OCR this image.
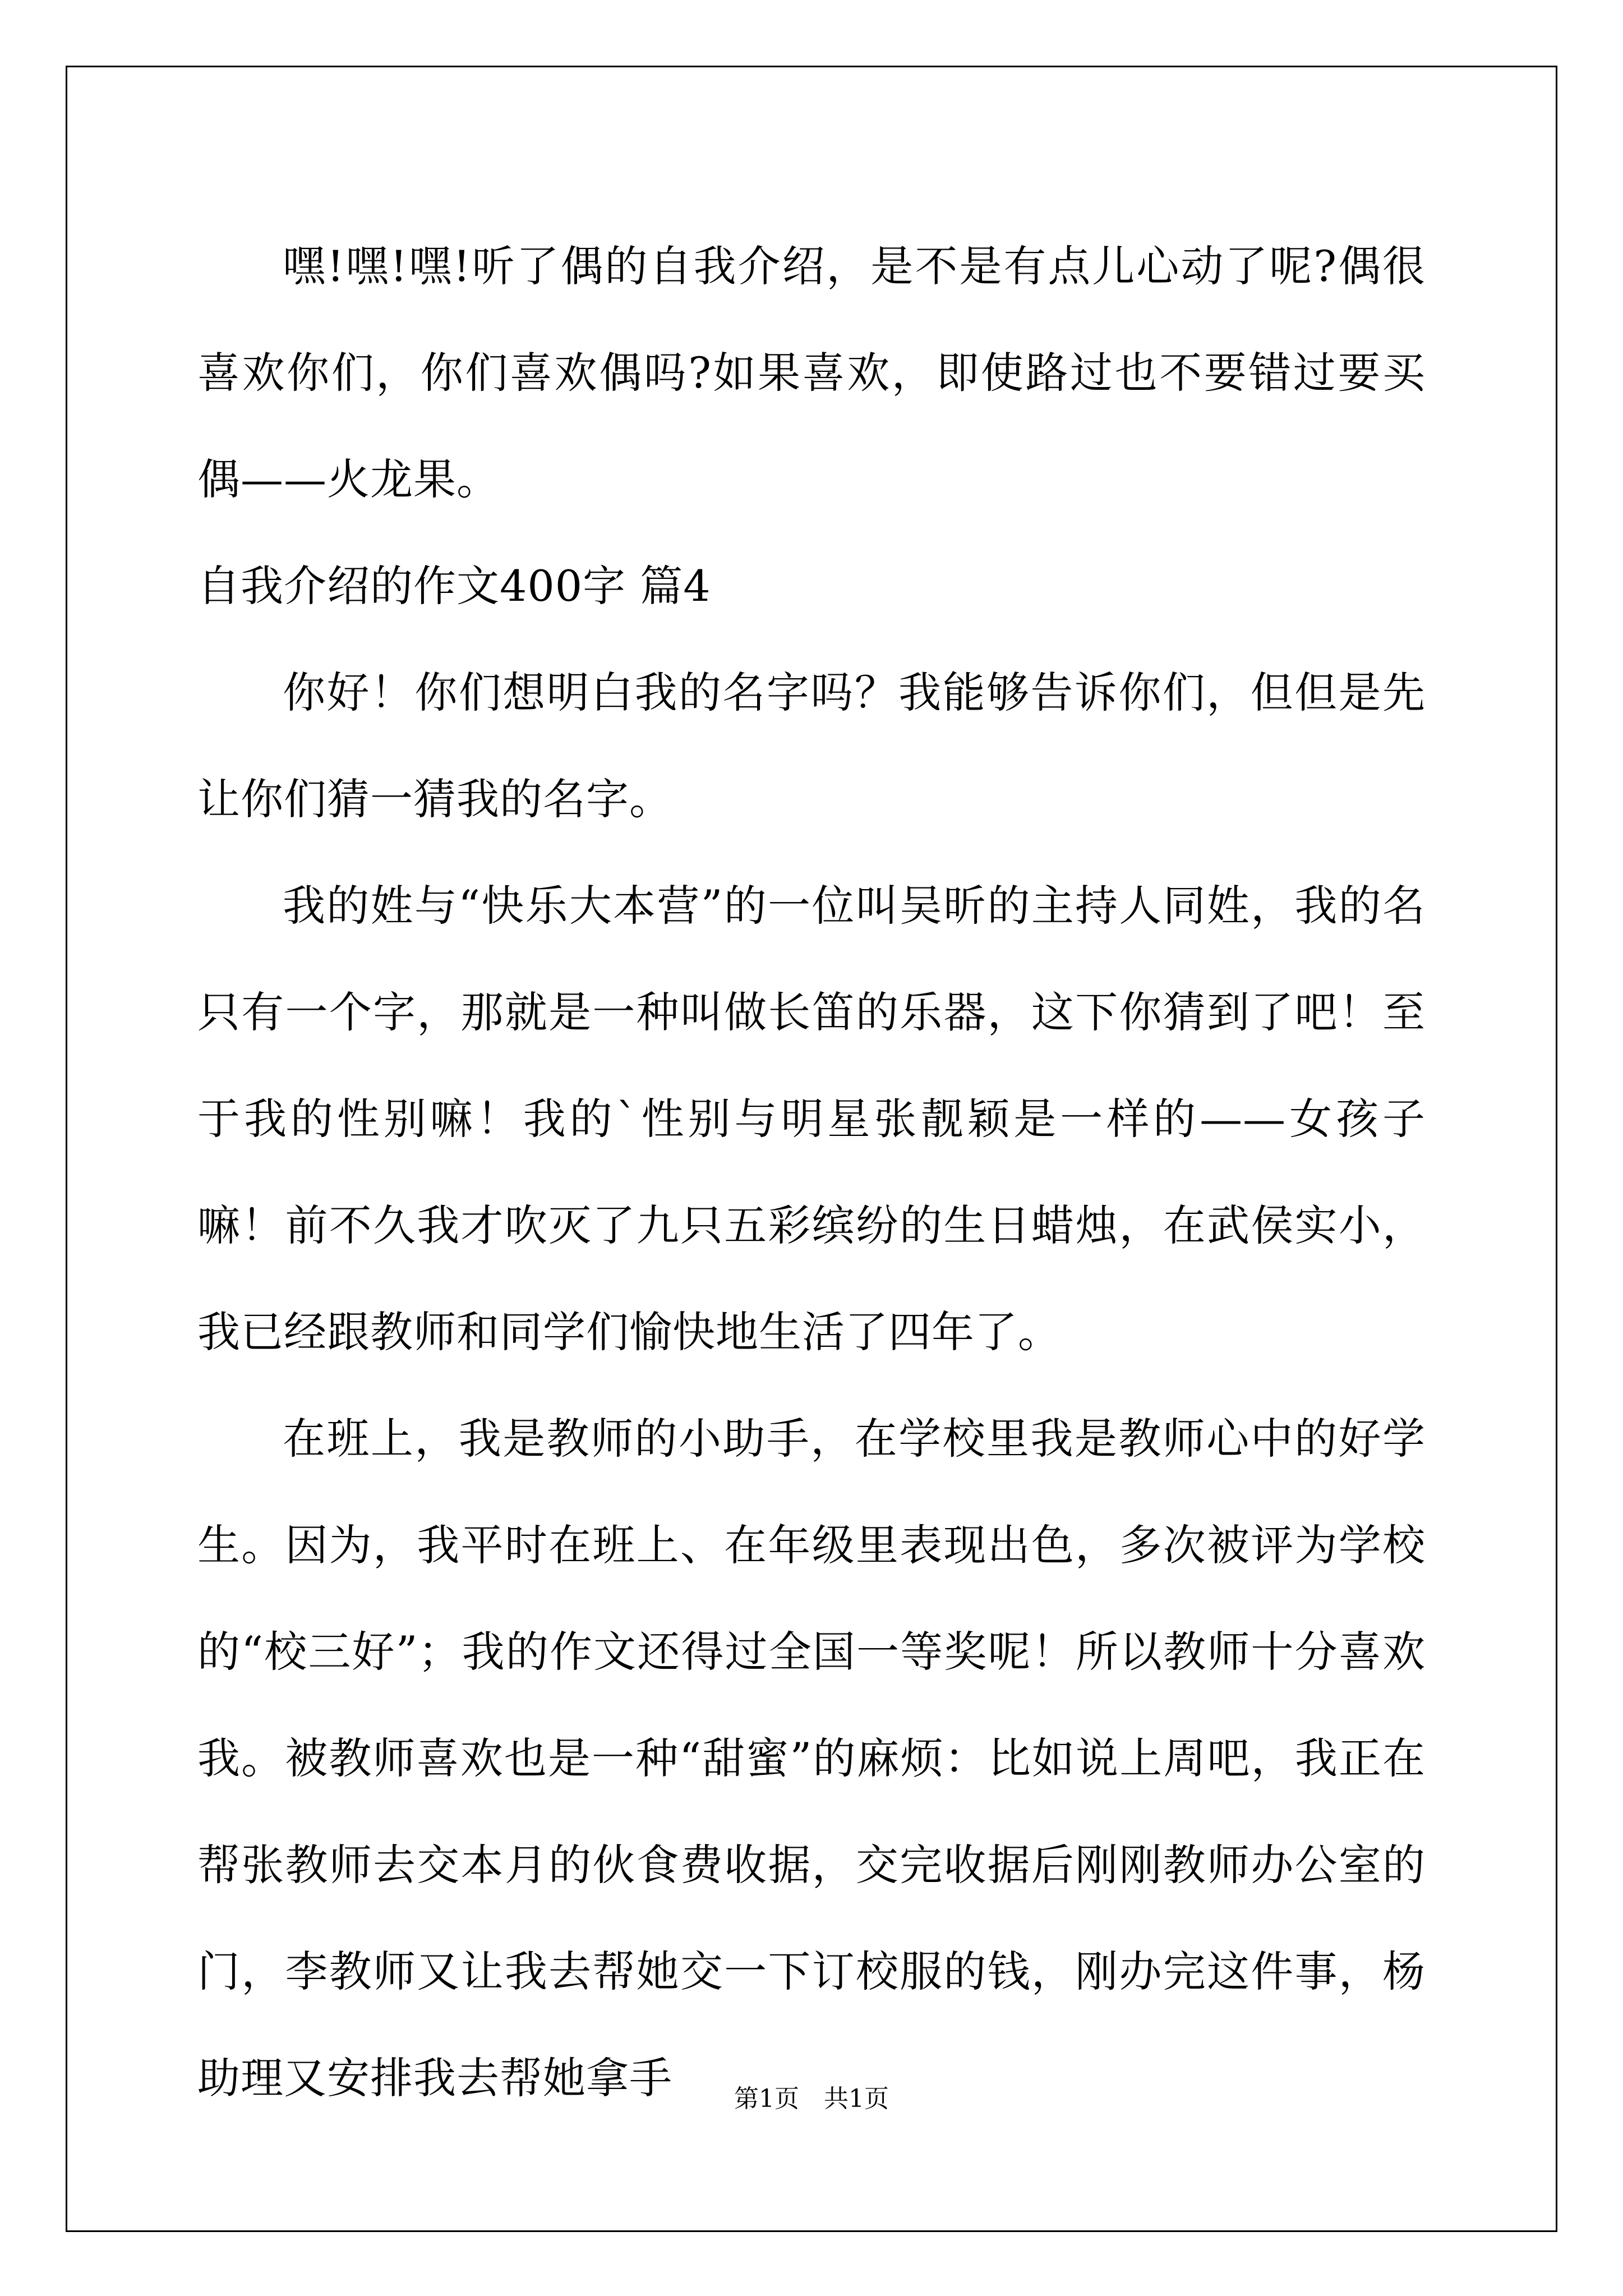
嘿!嘿!嘿!听了偶的自我介绍，是不是有点儿心动了呢?偶很喜欢你们，你们喜欢偶吗?如果喜欢，即使路过也不要错过要买偶——火龙果。

自我介绍的作文400字 篇4

你好！你们想明白我的名字吗？我能够告诉你们，但但是先让你们猜一猜我的名字。

我的姓与“快乐大本营”的一位叫吴昕的主持人同姓，我的名只有一个字，那就是一种叫做长笛的乐器，这下你猜到了吧！至于我的性别嘛！我的`性别与明星张靓颖是一样的——女孩子嘛！前不久我才吹灭了九只五彩缤纷的生日蜡烛，在武侯实小，我已经跟教师和同学们愉快地生活了四年了。

在班上，我是教师的小助手，在学校里我是教师心中的好学生。因为，我平时在班上、在年级里表现出色，多次被评为学校的“校三好”；我的作文还得过全国一等奖呢！所以教师十分喜欢我。被教师喜欢也是一种“甜蜜”的麻烦：比如说上周吧，我正在帮张教师去交本月的伙食费收据，交完收据后刚刚教师办公室的门，李教师又让我去帮她交一下订校服的钱，刚办完这件事，杨助理又安排我去帮她拿手	第1页　共1页
